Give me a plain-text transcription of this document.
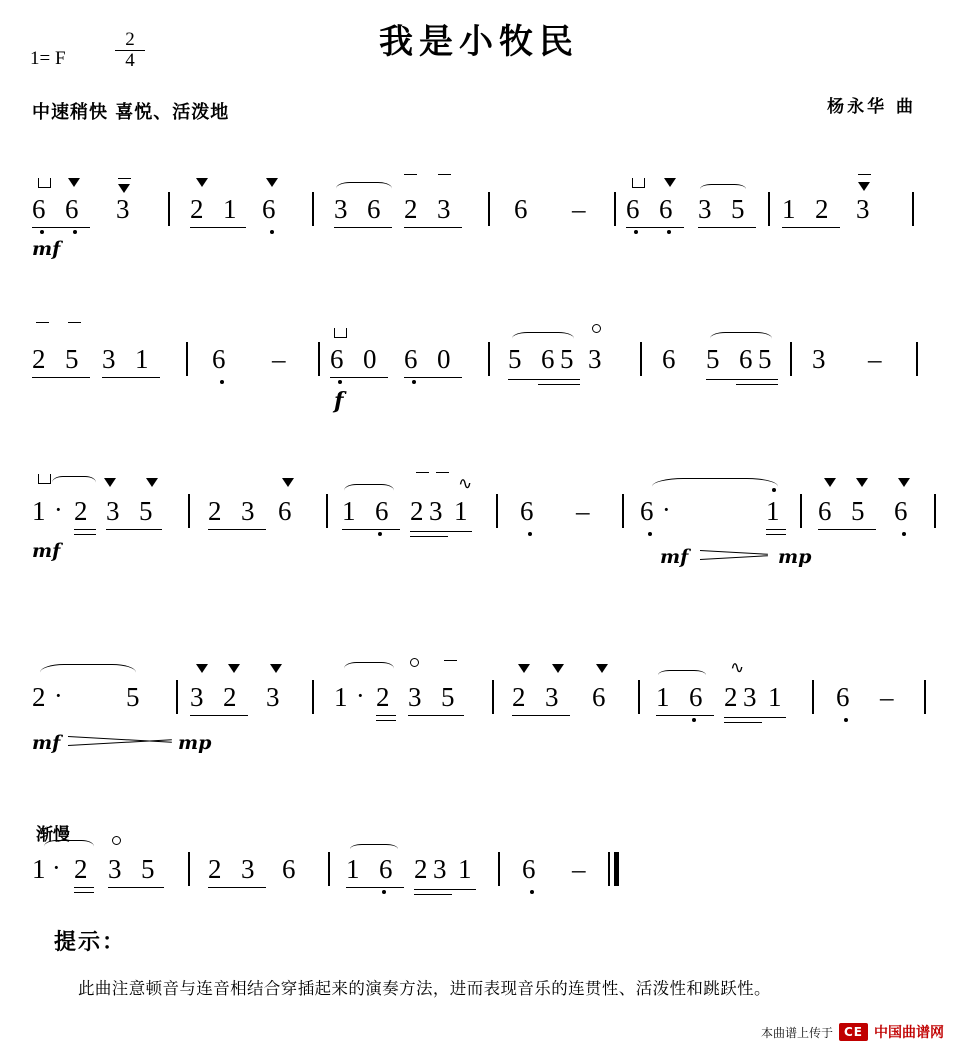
我是小牧民
1= F	$\frac{2}{4}$
中速稍快 喜悦、活泼地	杨永华 曲
6 6 3 2 1 6 3 6 2 3 6 – 6 6 3 5 1 2 3
mf
2 5 3 1 6 – 6 0 6 0 5 6 5 3 6 5 6 5 3 –
f
1 · 2 3 5 2 3 6 1 6
∿
2 3 1 6 – 6 ·	1 6 5 6
mf	mf	mp
2 · 5 3 2 3 1 · 2 3 5 2 3 6 1 6
∿
2 3 1 6 –
mf	mp
渐慢
1 · 2 3 5 2 3 6 1 6 2 3 1 6 –
提示：
此曲注意顿音与连音相结合穿插起来的演奏方法，进而表现音乐的连贯性、活泼性和跳跃性。
本曲谱上传于 CE 中国曲谱网
